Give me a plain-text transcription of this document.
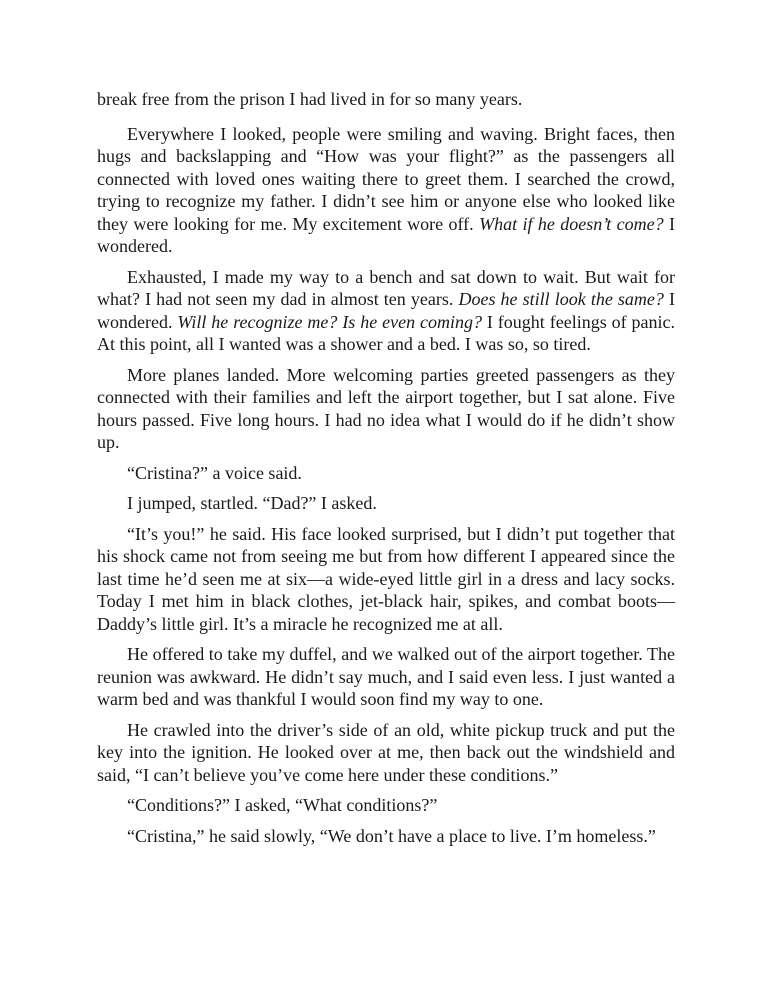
break free from the prison I had lived in for so many years.

Everywhere I looked, people were smiling and waving. Bright faces, then hugs and backslapping and “How was your flight?” as the passengers all connected with loved ones waiting there to greet them. I searched the crowd, trying to recognize my father. I didn’t see him or anyone else who looked like they were looking for me. My excitement wore off. What if he doesn’t come? I wondered.

Exhausted, I made my way to a bench and sat down to wait. But wait for what? I had not seen my dad in almost ten years. Does he still look the same? I wondered. Will he recognize me? Is he even coming? I fought feelings of panic. At this point, all I wanted was a shower and a bed. I was so, so tired.

More planes landed. More welcoming parties greeted passengers as they connected with their families and left the airport together, but I sat alone. Five hours passed. Five long hours. I had no idea what I would do if he didn’t show up.

“Cristina?” a voice said.

I jumped, startled. “Dad?” I asked.

“It’s you!” he said. His face looked surprised, but I didn’t put together that his shock came not from seeing me but from how different I appeared since the last time he’d seen me at six—a wide-eyed little girl in a dress and lacy socks. Today I met him in black clothes, jet-black hair, spikes, and combat boots—Daddy’s little girl. It’s a miracle he recognized me at all.

He offered to take my duffel, and we walked out of the airport together. The reunion was awkward. He didn’t say much, and I said even less. I just wanted a warm bed and was thankful I would soon find my way to one.

He crawled into the driver’s side of an old, white pickup truck and put the key into the ignition. He looked over at me, then back out the windshield and said, “I can’t believe you’ve come here under these conditions.”

“Conditions?” I asked, “What conditions?”

“Cristina,” he said slowly, “We don’t have a place to live. I’m homeless.”
